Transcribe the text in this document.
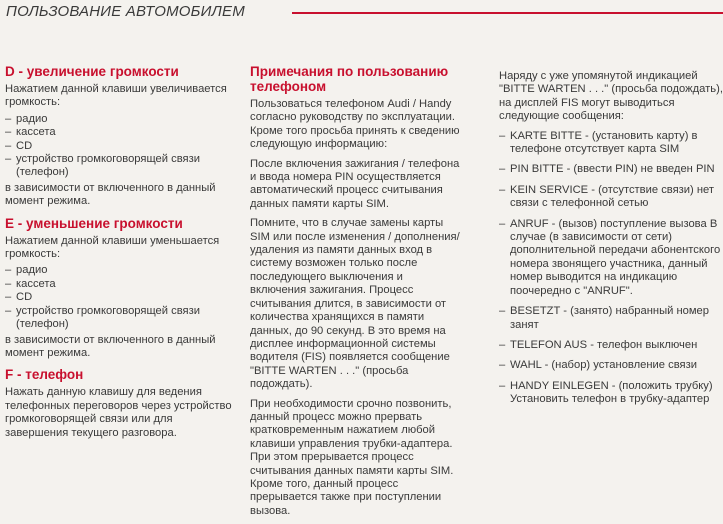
ПОЛЬЗОВАНИЕ АВТОМОБИЛЕМ
D - увеличение громкости

Нажатием данной клавиши увеличивается громкость:

– радио
– кассета
– CD
– устройство громкоговорящей связи (телефон)

в зависимости от включенного в данный момент режима.

E - уменьшение громкости

Нажатием данной клавиши уменьшается громкость:

– радио
– кассета
– CD
– устройство громкоговорящей связи (телефон)

в зависимости от включенного в данный момент режима.

F - телефон

Нажать данную клавишу для ведения телефонных переговоров через устройство громкоговорящей связи или для завершения текущего разговора.

Примечания по пользованию телефоном

Пользоваться телефоном Audi / Handy согласно руководству по эксплуатации. Кроме того просьба принять к сведению следующую информацию:

После включения зажигания / телефона и ввода номера PIN осуществляется автоматический процесс считывания данных памяти карты SIM.

Помните, что в случае замены карты SIM или после изменения / дополнения/ удаления из памяти данных вход в систему возможен только после последующего выключения и включения зажигания. Процесс считывания длится, в зависимости от количества хранящихся в памяти данных, до 90 секунд. В это время на дисплее информационной системы водителя (FIS) появляется сообщение "BITTE WARTEN . . ." (просьба подождать).

При необходимости срочно позвонить, данный процесс можно прервать кратковременным нажатием любой клавиши управления трубки-адаптера. При этом прерывается процесс считывания данных памяти карты SIM. Кроме того, данный процесс прерывается также при поступлении вызова.

Наряду с уже упомянутой индикацией "BITTE WARTEN . . ." (просьба подождать), на дисплей FIS могут выводиться следующие сообщения:

– KARTE BITTE - (установить карту) в телефоне отсутствует карта SIM
– PIN BITTE - (ввести PIN) не введен PIN
– KEIN SERVICE - (отсутствие связи) нет связи с телефонной сетью
– ANRUF - (вызов) поступление вызова В случае (в зависимости от сети) дополнительной передачи абонентского номера звонящего участника, данный номер выводится на индикацию поочередно с "ANRUF".
– BESETZT - (занято) набранный номер занят
– TELEFON AUS - телефон выключен
– WAHL - (набор) установление связи
– HANDY EINLEGEN - (положить трубку) Установить телефон в трубку-адаптер
